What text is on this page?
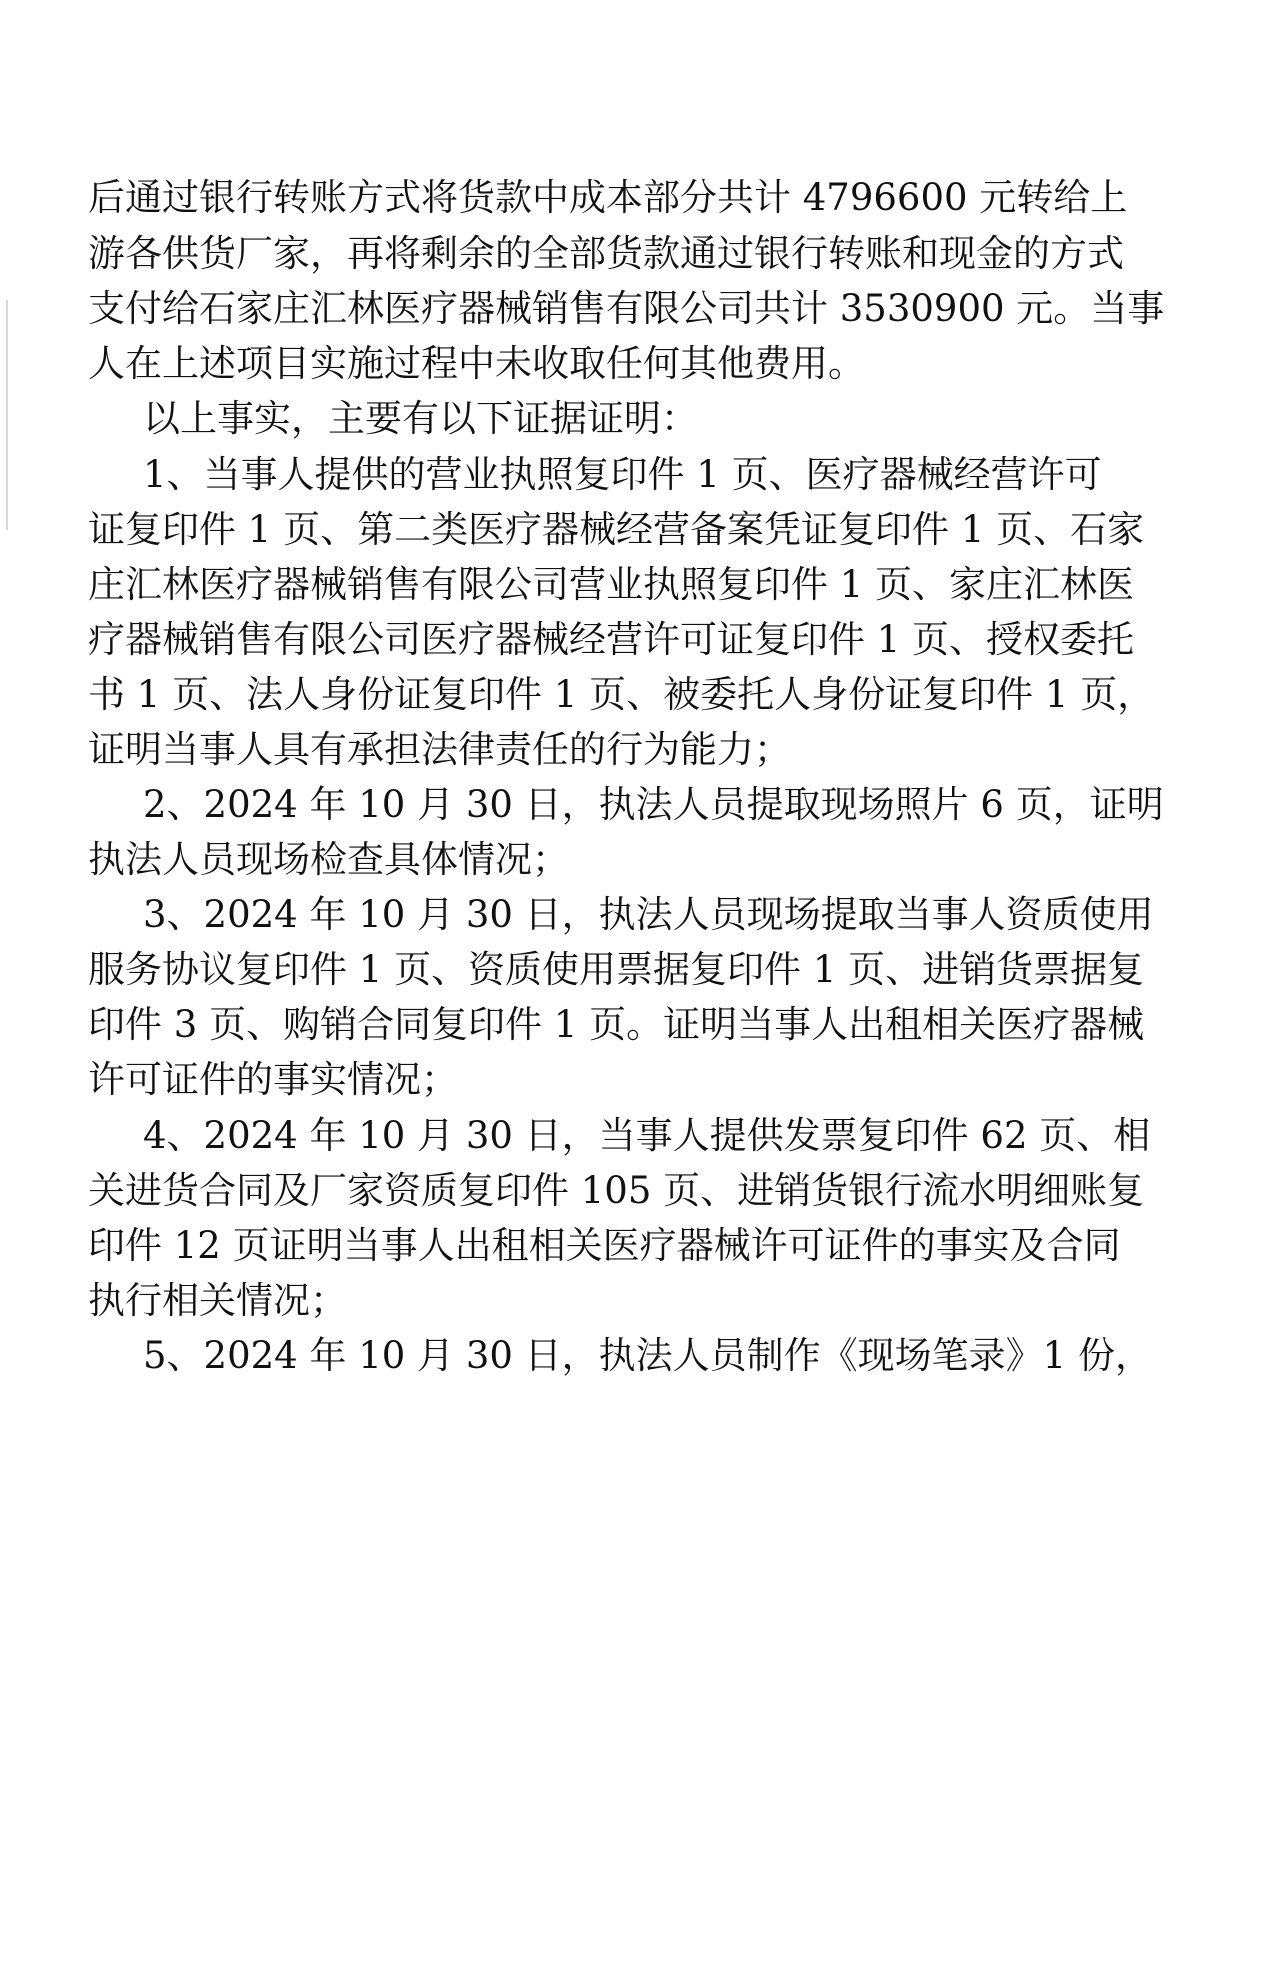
后通过银行转账方式将货款中成本部分共计 4796600 元转给上
游各供货厂家，再将剩余的全部货款通过银行转账和现金的方式
支付给石家庄汇林医疗器械销售有限公司共计 3530900 元。当事
人在上述项目实施过程中未收取任何其他费用。
以上事实，主要有以下证据证明：
1、当事人提供的营业执照复印件 1 页、医疗器械经营许可
证复印件 1 页、第二类医疗器械经营备案凭证复印件 1 页、石家
庄汇林医疗器械销售有限公司营业执照复印件 1 页、家庄汇林医
疗器械销售有限公司医疗器械经营许可证复印件 1 页、授权委托
书 1 页、法人身份证复印件 1 页、被委托人身份证复印件 1 页，
证明当事人具有承担法律责任的行为能力；
2、2024 年 10 月 30 日，执法人员提取现场照片 6 页，证明
执法人员现场检查具体情况；
3、2024 年 10 月 30 日，执法人员现场提取当事人资质使用
服务协议复印件 1 页、资质使用票据复印件 1 页、进销货票据复
印件 3 页、购销合同复印件 1 页。证明当事人出租相关医疗器械
许可证件的事实情况；
4、2024 年 10 月 30 日，当事人提供发票复印件 62 页、相
关进货合同及厂家资质复印件 105 页、进销货银行流水明细账复
印件 12 页证明当事人出租相关医疗器械许可证件的事实及合同
执行相关情况；
5、2024 年 10 月 30 日，执法人员制作《现场笔录》1 份，
